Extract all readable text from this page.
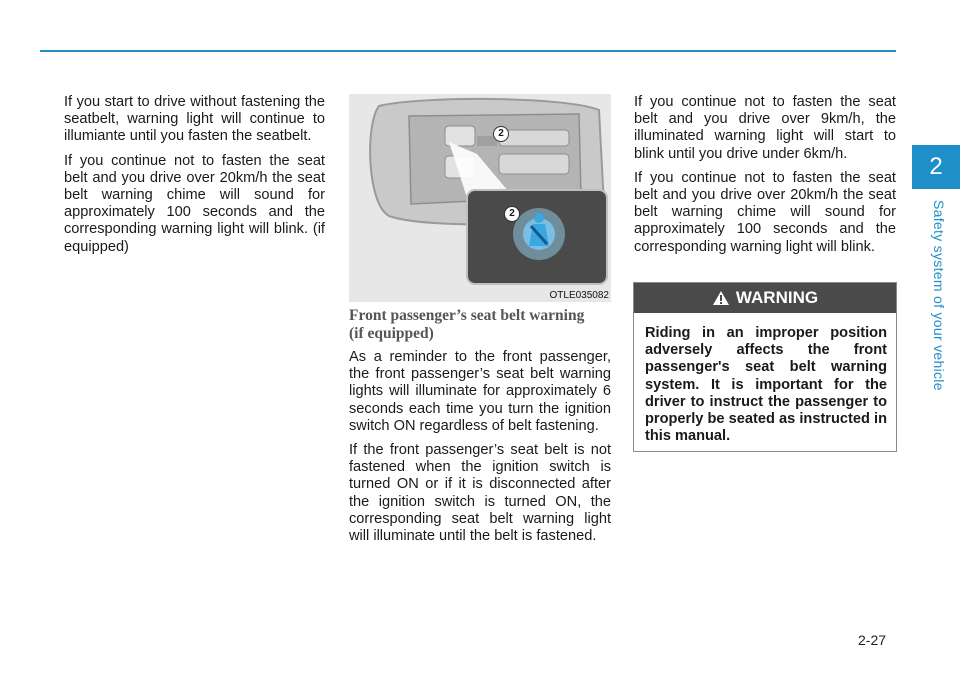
2
Safety system of your vehicle

If you start to drive without fastening the seatbelt, warning light will continue to illumiante until you fasten the seatbelt.

If you continue not to fasten the seat belt and you drive over 20km/h the seat belt warning chime will sound for approximately 100 seconds and the corresponding warning light will blink. (if equipped)

2
2
OTLE035082
Front passenger’s seat belt warning
(if equipped)

As a reminder to the front passenger, the front passenger’s seat belt warning lights will illuminate for approximately 6 seconds each time you turn the ignition switch ON regardless of belt fastening.

If the front passenger’s seat belt is not fastened when the ignition switch is turned ON or if it is disconnected after the ignition switch is turned ON, the corresponding seat belt warning light will illuminate until the belt is fastened.

If you continue not to fasten the seat belt and you drive over 9km/h, the illuminated warning light will start to blink until you drive under 6km/h.

If you continue not to fasten the seat belt and you drive over 20km/h the seat belt warning chime will sound for approximately 100 seconds and the corresponding warning light will blink.

WARNING
Riding in an improper position adversely affects the front passenger's seat belt warning system. It is important for the driver to instruct the passenger to properly be seated as instructed in this manual.
2-27
